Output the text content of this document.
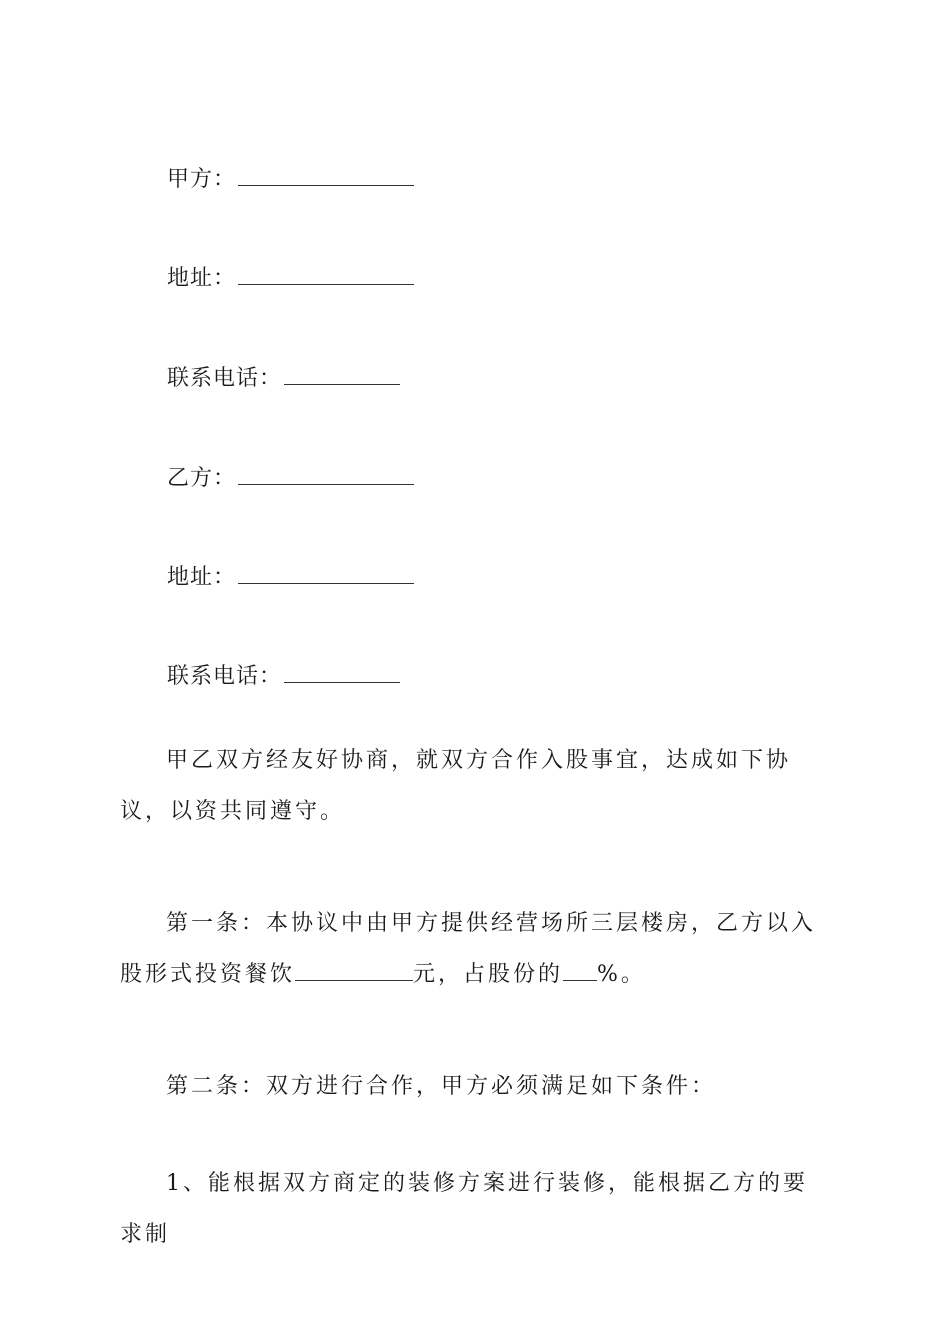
甲方：
地址：
联系电话：
乙方：
地址：
联系电话：

甲乙双方经友好协商，就双方合作入股事宜，达成如下协议，以资共同遵守。

第一条：本协议中由甲方提供经营场所三层楼房，乙方以入股形式投资餐饮	元，占股份的 %。

第二条：双方进行合作，甲方必须满足如下条件：

1、能根据双方商定的装修方案进行装修，能根据乙方的要求制
